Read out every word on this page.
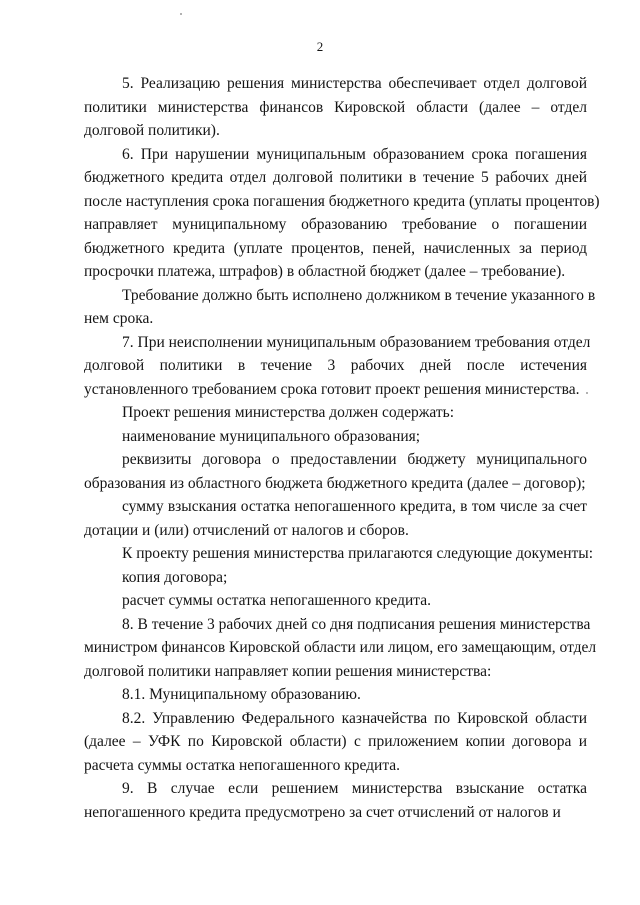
2

5. Реализацию решения министерства обеспечивает отдел долговой
политики министерства финансов Кировской области (далее – отдел
долговой политики).

6. При нарушении муниципальным образованием срока погашения
бюджетного кредита отдел долговой политики в течение 5 рабочих дней
после наступления срока погашения бюджетного кредита (уплаты процентов)
направляет муниципальному образованию требование о погашении
бюджетного кредита (уплате процентов, пеней, начисленных за период
просрочки платежа, штрафов) в областной бюджет (далее – требование).

Требование должно быть исполнено должником в течение указанного в
нем срока.

7. При неисполнении муниципальным образованием требования отдел
долговой политики в течение 3 рабочих дней после истечения
установленного требованием срока готовит проект решения министерства.

Проект решения министерства должен содержать:

наименование муниципального образования;

реквизиты договора о предоставлении бюджету муниципального
образования из областного бюджета бюджетного кредита (далее – договор);

сумму взыскания остатка непогашенного кредита, в том числе за счет
дотации и (или) отчислений от налогов и сборов.

К проекту решения министерства прилагаются следующие документы:

копия договора;

расчет суммы остатка непогашенного кредита.

8. В течение 3 рабочих дней со дня подписания решения министерства
министром финансов Кировской области или лицом, его замещающим, отдел
долговой политики направляет копии решения министерства:

8.1. Муниципальному образованию.

8.2. Управлению Федерального казначейства по Кировской области
(далее – УФК по Кировской области) с приложением копии договора и
расчета суммы остатка непогашенного кредита.

9. В случае если решением министерства взыскание остатка
непогашенного кредита предусмотрено за счет отчислений от налогов и
